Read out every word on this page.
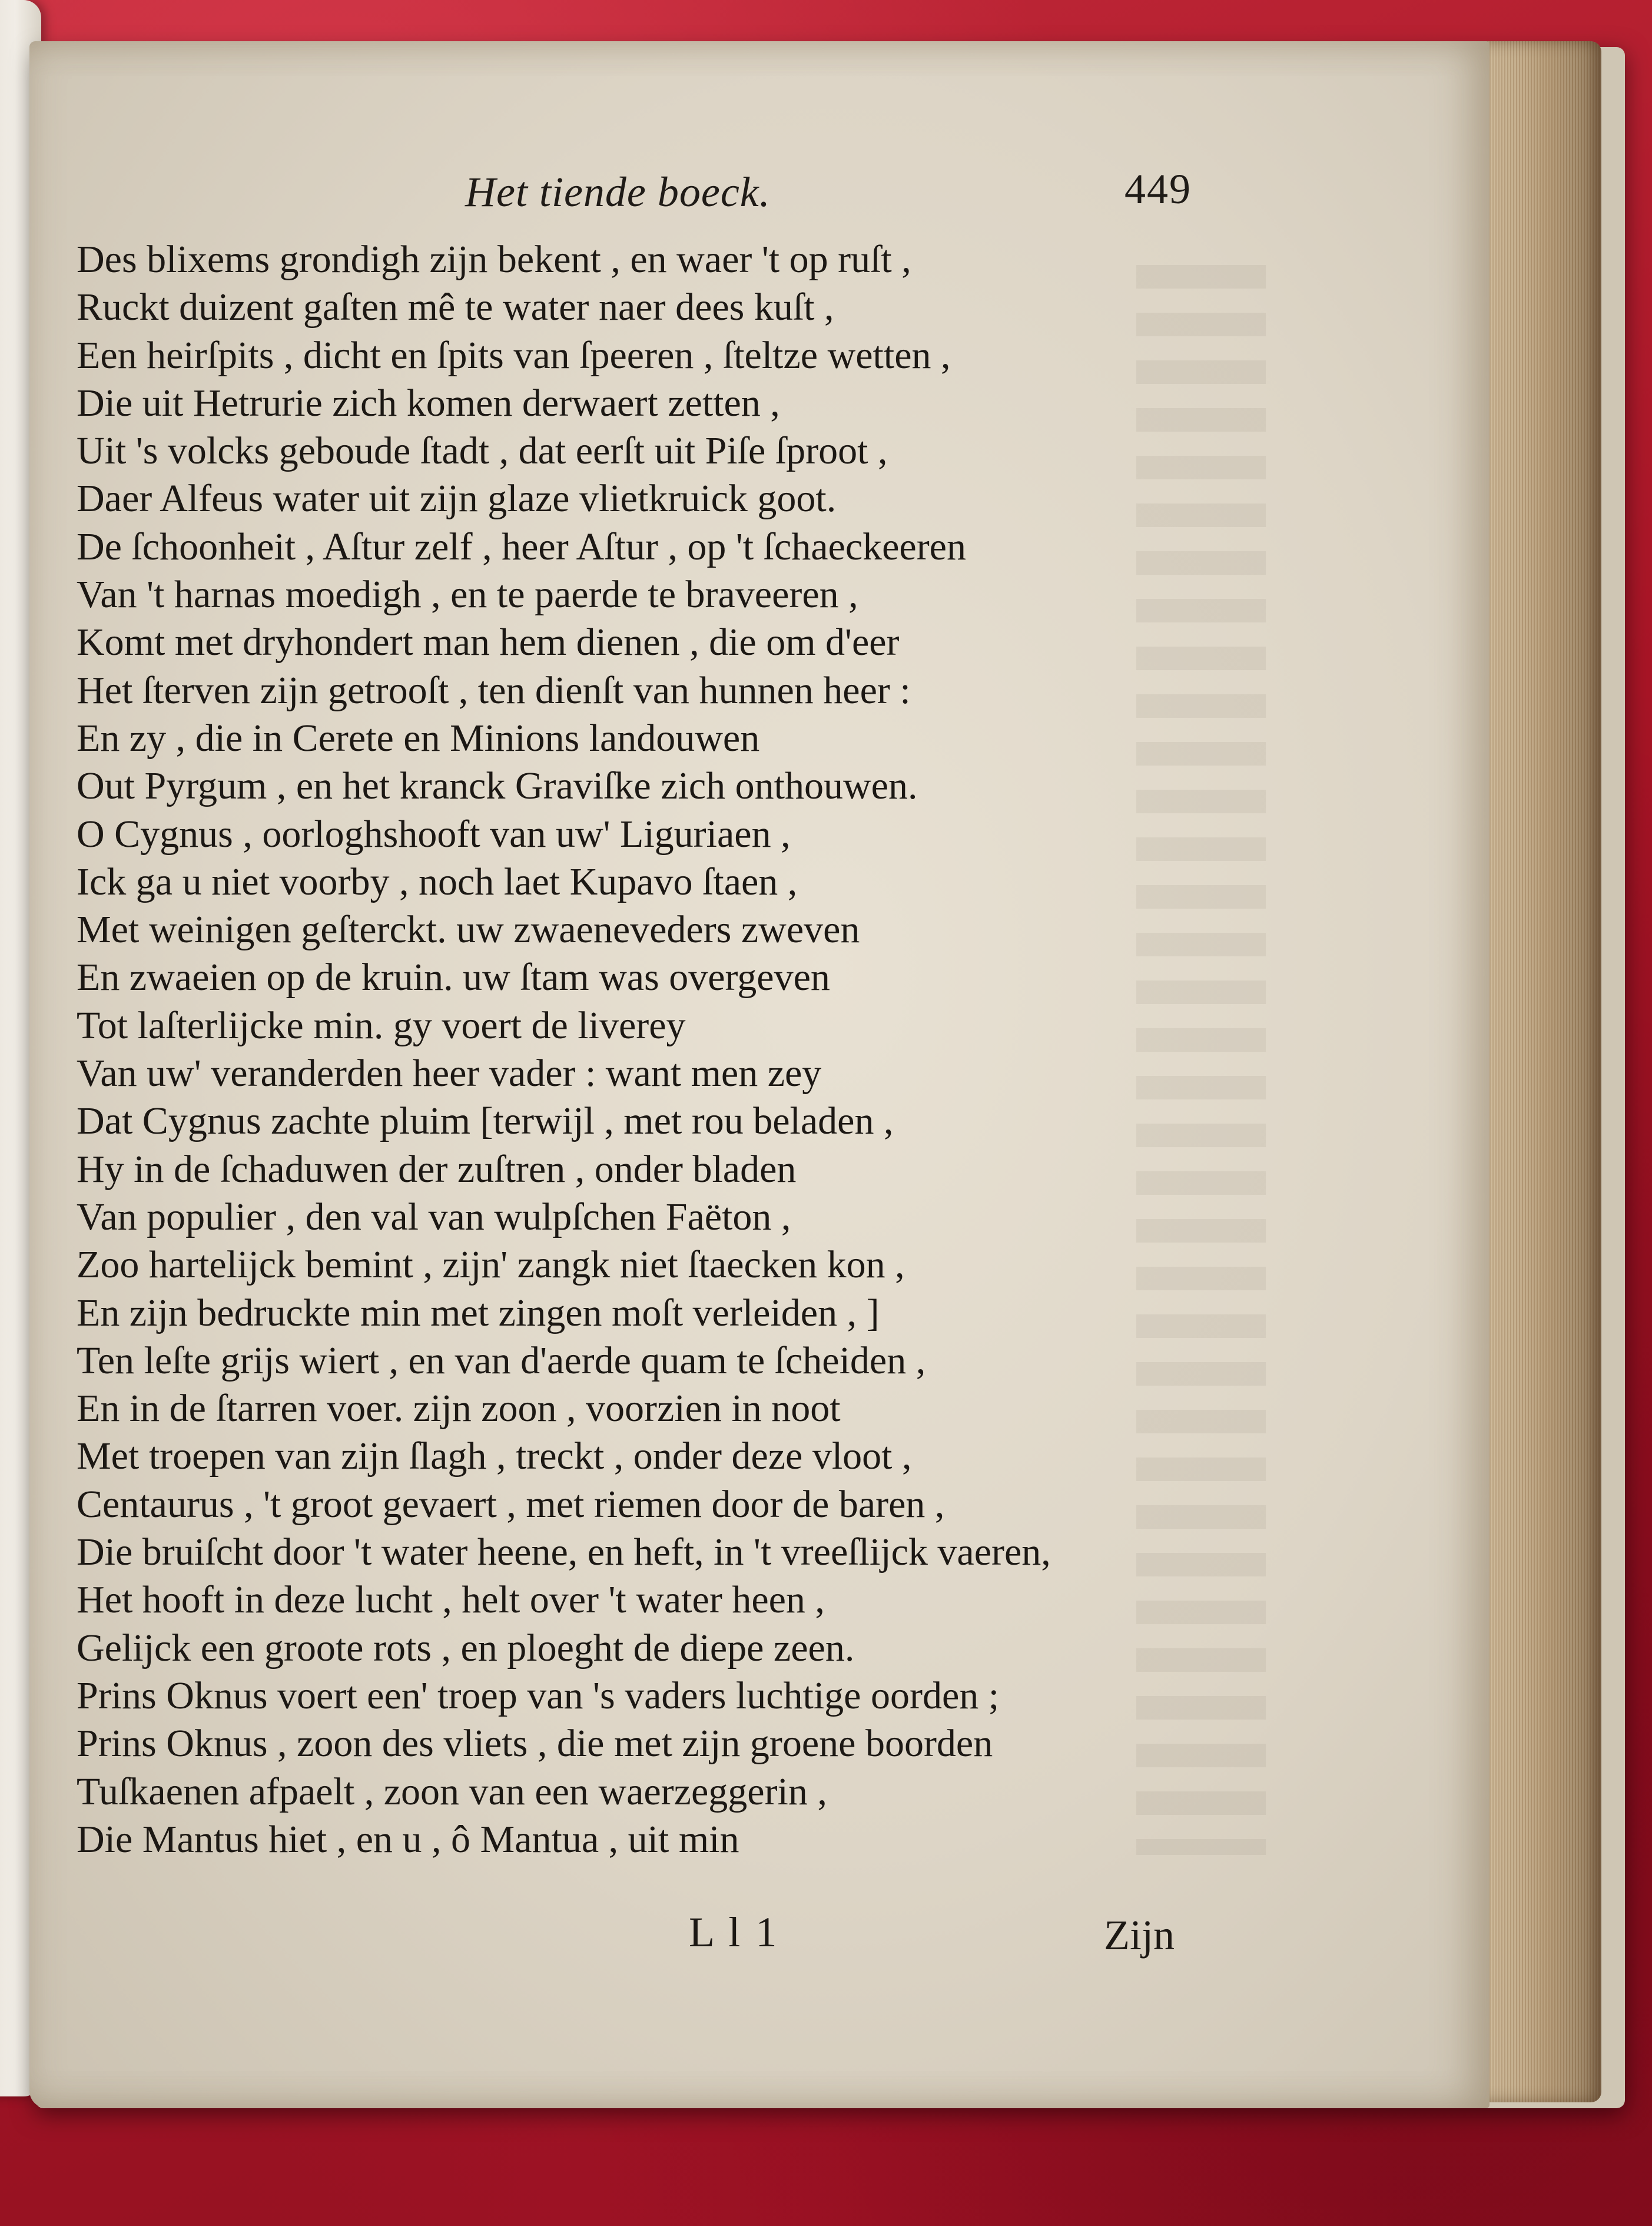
Het tiende boeck.	449
Des blixems grondigh zijn bekent , en waer 't op ruſt ,
Ruckt duizent gaſten mê te water naer dees kuſt ,
Een heirſpits , dicht en ſpits van ſpeeren , ſteltze wetten ,
Die uit Hetrurie zich komen derwaert zetten ,
Uit 's volcks geboude ſtadt , dat eerſt uit Piſe ſproot ,
Daer Alfeus water uit zijn glaze vlietkruick goot.
De ſchoonheit , Aſtur zelf , heer Aſtur , op 't ſchaeckeeren
Van 't harnas moedigh , en te paerde te braveeren ,
Komt met dryhondert man hem dienen , die om d'eer
Het ſterven zijn getrooſt , ten dienſt van hunnen heer :
En zy , die in Cerete en Minions landouwen
Out Pyrgum , en het kranck Graviſke zich onthouwen.
O Cygnus , oorloghshooft van uw' Liguriaen ,
Ick ga u niet voorby , noch laet Kupavo ſtaen ,
Met weinigen geſterckt. uw zwaeneveders zweven
En zwaeien op de kruin. uw ſtam was overgeven
Tot laſterlijcke min. gy voert de liverey
Van uw' veranderden heer vader : want men zey
Dat Cygnus zachte pluim [terwijl , met rou beladen ,
Hy in de ſchaduwen der zuſtren , onder bladen
Van populier , den val van wulpſchen Faëton ,
Zoo hartelijck bemint , zijn' zangk niet ſtaecken kon ,
En zijn bedruckte min met zingen moſt verleiden , ]
Ten leſte grijs wiert , en van d'aerde quam te ſcheiden ,
En in de ſtarren voer. zijn zoon , voorzien in noot
Met troepen van zijn ſlagh , treckt , onder deze vloot ,
Centaurus , 't groot gevaert , met riemen door de baren ,
Die bruiſcht door 't water heene, en heft, in 't vreeſlijck vaeren,
Het hooft in deze lucht , helt over 't water heen ,
Gelijck een groote rots , en ploeght de diepe zeen.
Prins Oknus voert een' troep van 's vaders luchtige oorden ;
Prins Oknus , zoon des vliets , die met zijn groene boorden
Tuſkaenen afpaelt , zoon van een waerzeggerin ,
Die Mantus hiet , en u , ô Mantua , uit min
L l 1	Zijn
